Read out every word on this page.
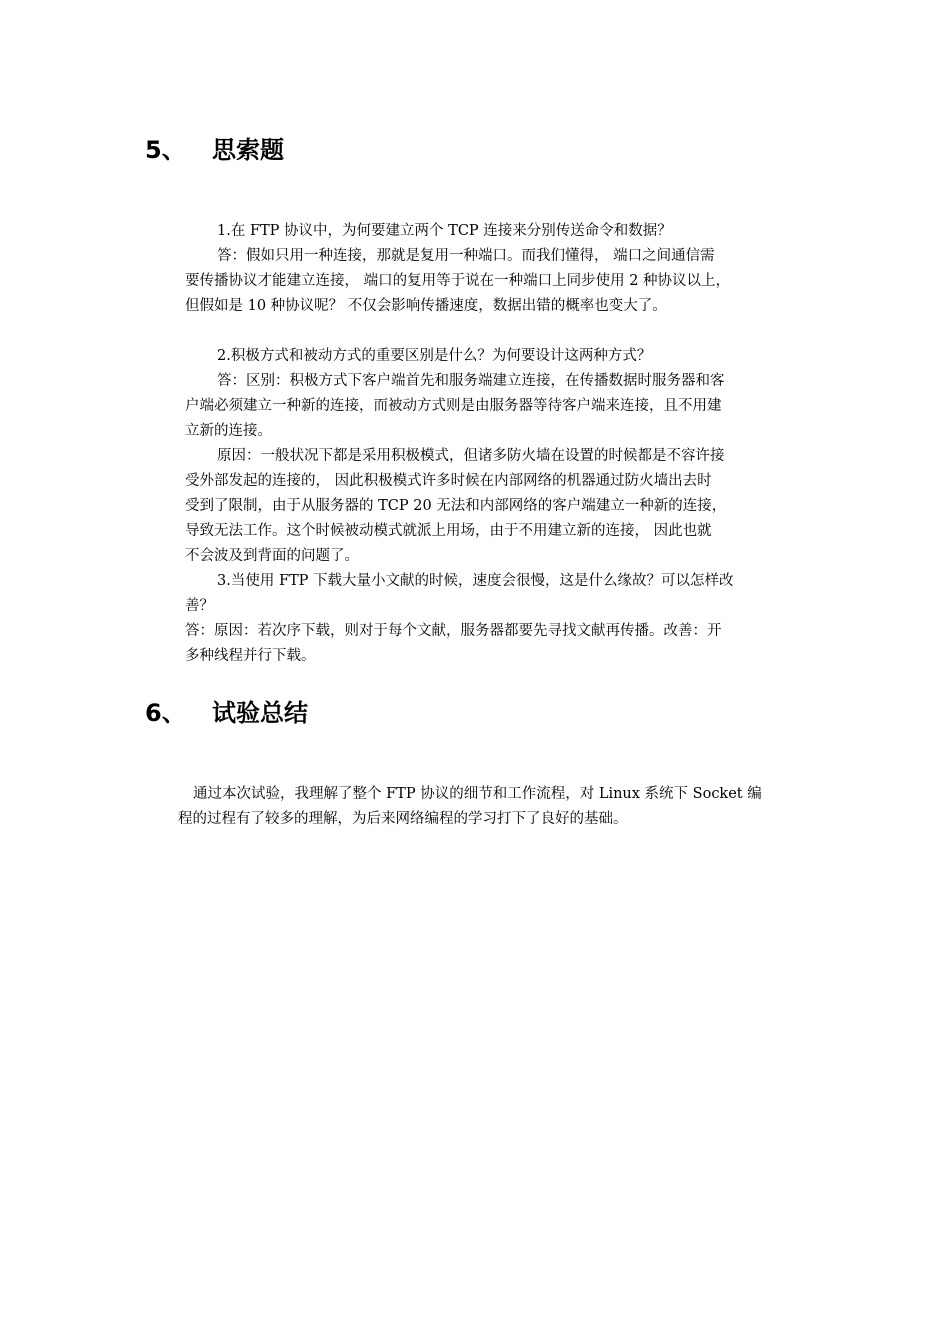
5、 思索题
1.在 FTP 协议中，为何要建立两个 TCP 连接来分别传送命令和数据？
答：假如只用一种连接，那就是复用一种端口。而我们懂得， 端口之间通信需
要传播协议才能建立连接， 端口的复用等于说在一种端口上同步使用 2 种协议以上，
但假如是 10 种协议呢？ 不仅会影响传播速度，数据出错的概率也变大了。
2.积极方式和被动方式的重要区别是什么？为何要设计这两种方式？
答：区别：积极方式下客户端首先和服务端建立连接，在传播数据时服务器和客
户端必须建立一种新的连接，而被动方式则是由服务器等待客户端来连接，且不用建
立新的连接。
原因：一般状况下都是采用积极模式，但诸多防火墙在设置的时候都是不容许接
受外部发起的连接的， 因此积极模式许多时候在内部网络的机器通过防火墙出去时
受到了限制，由于从服务器的 TCP 20 无法和内部网络的客户端建立一种新的连接，
导致无法工作。这个时候被动模式就派上用场，由于不用建立新的连接， 因此也就
不会波及到背面的问题了。
3.当使用 FTP 下载大量小文献的时候，速度会很慢，这是什么缘故？可以怎样改
善？
答：原因：若次序下载，则对于每个文献，服务器都要先寻找文献再传播。改善：开
多种线程并行下载。
6、 试验总结
通过本次试验，我理解了整个 FTP 协议的细节和工作流程，对 Linux 系统下 Socket 编
程的过程有了较多的理解，为后来网络编程的学习打下了良好的基础。
